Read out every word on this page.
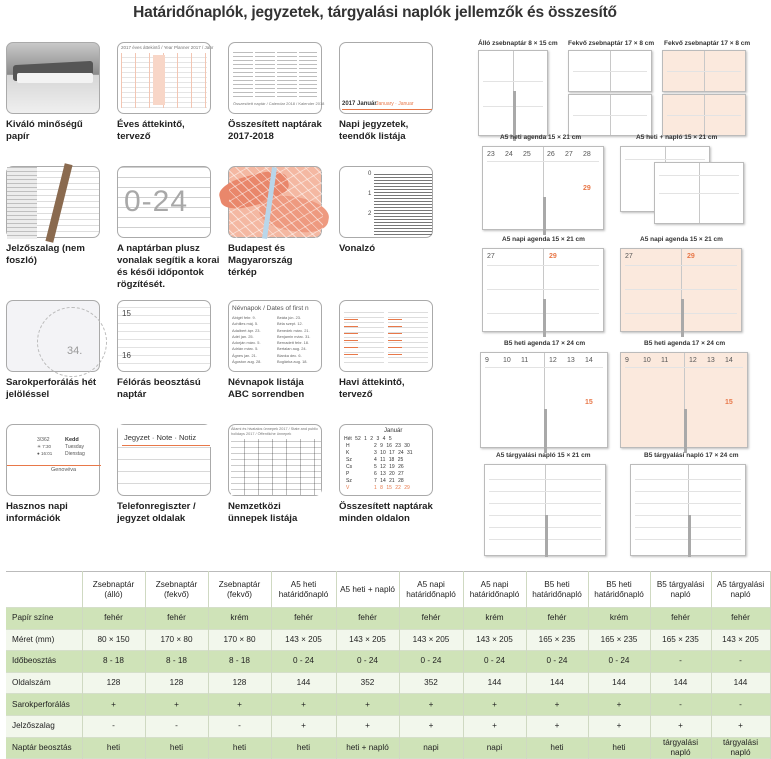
Határidőnaplók, jegyzetek, tárgyalási naplók jellemzők és összesítő
Kiváló minőségű papír
2017 éves áttekintő / Year Planner 2017 / Jahr
Éves áttekintő, tervező
Összesített naptár / Calendar 2018 / Kalender 2018
Összesített naptárak 2017-2018
2017 Január January · Januar
Napi jegyzetek, teendők listája
Jelzőszalag (nem foszló)
0-24
A naptárban plusz vonalak segítik a korai és késői időpontok rögzítését.
Budapest és Magyarország térkép
0
1
2
Vonalzó
34.
Sarokperforálás hét jelöléssel
15
16
Félórás beosztású naptár
Névnapok / Dates of first n
Abigél febr. 9.
Achilles máj. 5.
Adalbert ápr. 23.
Adél jan. 25.
Adorján márc. 5.
Adrián márc. 5.
Ágnes jan. 21.
Ágoston aug. 28.
Beáta jún. 23.
Béla szept. 12.
Benedek márc. 21.
Benjamin márc. 31.
Bernadett febr. 18.
Bertalan aug. 24.
Bianka dec. 6.
Boglárka aug. 18.
Névnapok listája ABC sorrendben
Havi áttekintő, tervező
3/362	Kedd
Tuesday
Dienstag
☀ 7:30
● 16:01
Genovéva
Hasznos napi információk
Jegyzet · Note · Notiz
Telefonregiszter / jegyzet oldalak
Állami és hivatalos ünnepek 2017 / State and public holidays 2017 / Öffentliche ünnepek
Nemzetközi ünnepek listája
Január
Hét 52 1 2 3 4 5
H
K
Sz
Cs
P
Sz
V
2 9 16 23 30
3 10 17 24 31
4 11 18 25
5 12 19 26
6 13 20 27
7 14 21 28
1 8 15 22 29
Összesített naptárak minden oldalon
Álló zsebnaptár 8 × 15 cm Fekvő zsebnaptár 17 × 8 cm Fekvő zsebnaptár 17 × 8 cm
A5 heti agenda 15 × 21 cm
23 24 25 26 27 28
29
A5 heti + napló 15 × 21 cm
A5 napi agenda 15 × 21 cm
27	29
A5 napi agenda 15 × 21 cm
27	29
B5 heti agenda 17 × 24 cm
9 10 11	12 13 14
15
B5 heti agenda 17 × 24 cm
9 10 11	12 13 14
15
A5 tárgyalási napló 15 × 21 cm	B5 tárgyalási napló 17 × 24 cm
	Zsebnaptár (álló)	Zsebnaptár (fekvő)	Zsebnaptár (fekvő)	A5 heti határidőnapló	A5 heti + napló	A5 napi határidőnapló	A5 napi határidőnapló	B5 heti határidőnapló	B5 heti határidőnapló	B5 tárgyalási napló	A5 tárgyalási napló
Papír színe	fehér	fehér	krém	fehér	fehér	fehér	krém	fehér	krém	fehér	fehér
Méret (mm)	80 × 150	170 × 80	170 × 80	143 × 205	143 × 205	143 × 205	143 × 205	165 × 235	165 × 235	165 × 235	143 × 205
Időbeosztás	8 - 18	8 - 18	8 - 18	0 - 24	0 - 24	0 - 24	0 - 24	0 - 24	0 - 24	-	-
Oldalszám	128	128	128	144	352	352	144	144	144	144	144
Sarokperforálás	+	+	+	+	+	+	+	+	+	-	-
Jelzőszalag	-	-	-	+	+	+	+	+	+	+	+
Naptár beosztás	heti	heti	heti	heti	heti + napló	napi	napi	heti	heti	tárgyalási napló	tárgyalási napló
